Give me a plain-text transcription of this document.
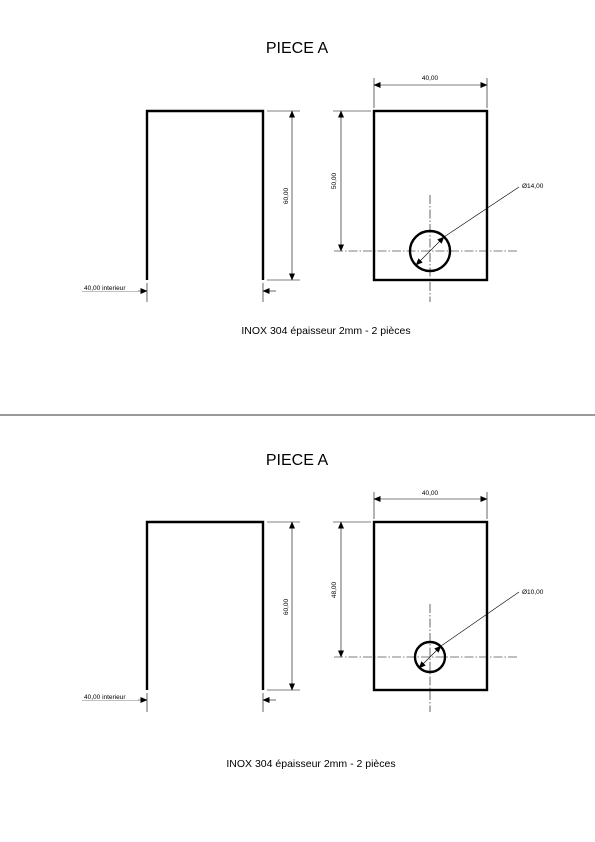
PIECE A
40,00 interieur
60,00
40,00
50,00	Ø14,00
INOX 304 épaisseur 2mm - 2 pièces
PIECE A
40,00 interieur
60,00
40,00
48,00	Ø10,00
INOX 304 épaisseur 2mm - 2 pièces
